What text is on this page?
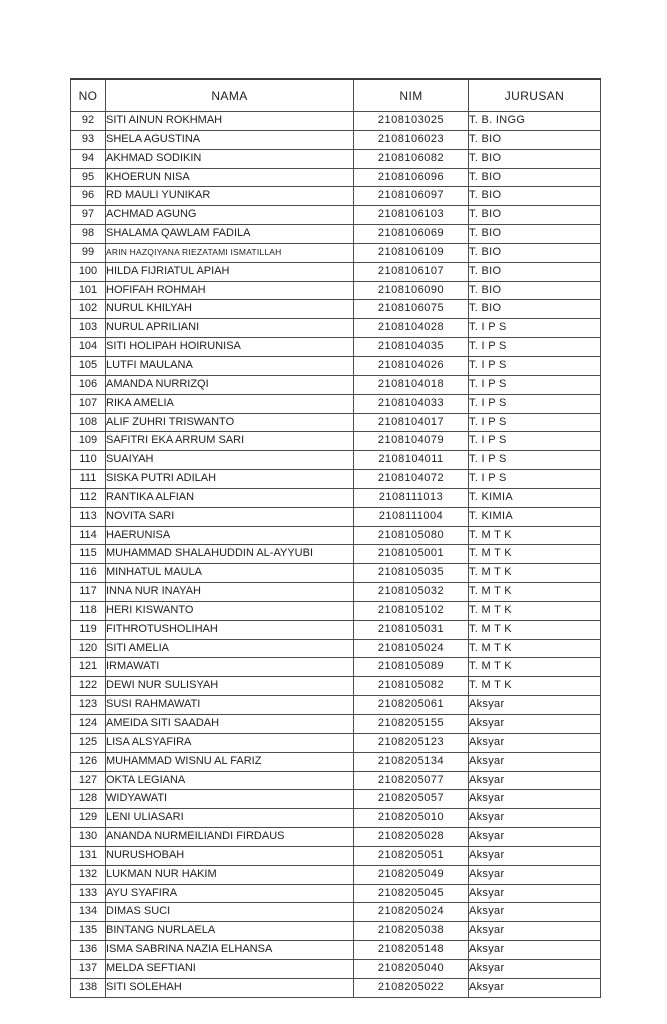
NO	NAMA	NIM	JURUSAN
92	SITI AINUN ROKHMAH	2108103025	T. B. INGG
93	SHELA AGUSTINA	2108106023	T. BIO
94	AKHMAD SODIKIN	2108106082	T. BIO
95	KHOERUN NISA	2108106096	T. BIO
96	RD MAULI YUNIKAR	2108106097	T. BIO
97	ACHMAD AGUNG	2108106103	T. BIO
98	SHALAMA QAWLAM FADILA	2108106069	T. BIO
99	ARIN HAZQIYANA RIEZATAMI ISMATILLAH	2108106109	T. BIO
100	HILDA FIJRIATUL APIAH	2108106107	T. BIO
101	HOFIFAH ROHMAH	2108106090	T. BIO
102	NURUL KHILYAH	2108106075	T. BIO
103	NURUL APRILIANI	2108104028	T. I P S
104	SITI HOLIPAH HOIRUNISA	2108104035	T. I P S
105	LUTFI MAULANA	2108104026	T. I P S
106	AMANDA NURRIZQI	2108104018	T. I P S
107	RIKA AMELIA	2108104033	T. I P S
108	ALIF ZUHRI TRISWANTO	2108104017	T. I P S
109	SAFITRI EKA ARRUM SARI	2108104079	T. I P S
110	SUAIYAH	2108104011	T. I P S
111	SISKA PUTRI ADILAH	2108104072	T. I P S
112	RANTIKA ALFIAN	2108111013	T. KIMIA
113	NOVITA SARI	2108111004	T. KIMIA
114	HAERUNISA	2108105080	T. M T K
115	MUHAMMAD SHALAHUDDIN AL-AYYUBI	2108105001	T. M T K
116	MINHATUL MAULA	2108105035	T. M T K
117	INNA NUR INAYAH	2108105032	T. M T K
118	HERI KISWANTO	2108105102	T. M T K
119	FITHROTUSHOLIHAH	2108105031	T. M T K
120	SITI AMELIA	2108105024	T. M T K
121	IRMAWATI	2108105089	T. M T K
122	DEWI NUR SULISYAH	2108105082	T. M T K
123	SUSI RAHMAWATI	2108205061	Aksyar
124	AMEIDA SITI SAADAH	2108205155	Aksyar
125	LISA ALSYAFIRA	2108205123	Aksyar
126	MUHAMMAD WISNU AL FARIZ	2108205134	Aksyar
127	OKTA LEGIANA	2108205077	Aksyar
128	WIDYAWATI	2108205057	Aksyar
129	LENI ULIASARI	2108205010	Aksyar
130	ANANDA NURMEILIANDI FIRDAUS	2108205028	Aksyar
131	NURUSHOBAH	2108205051	Aksyar
132	LUKMAN NUR HAKIM	2108205049	Aksyar
133	AYU SYAFIRA	2108205045	Aksyar
134	DIMAS SUCI	2108205024	Aksyar
135	BINTANG NURLAELA	2108205038	Aksyar
136	ISMA SABRINA NAZIA ELHANSA	2108205148	Aksyar
137	MELDA SEFTIANI	2108205040	Aksyar
138	SITI SOLEHAH	2108205022	Aksyar
